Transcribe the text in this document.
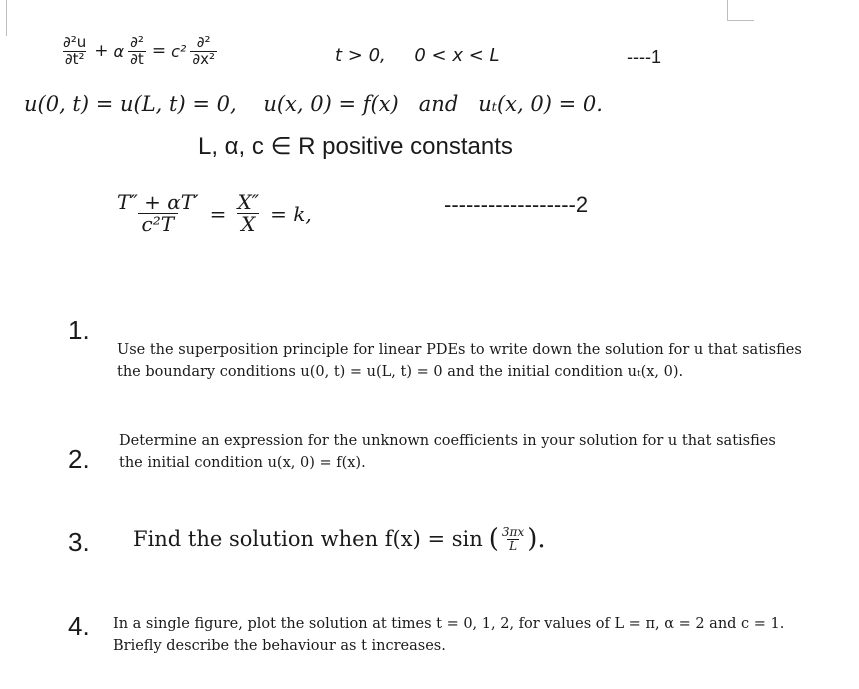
$\frac{\text{∂²u}}{\text{∂t²}} + \alpha \frac{\text{∂²}}{\partial t} = c^2 \frac{\text{∂²}}{\text{∂x²}}$	t > 0,     0 < x < L	----1
u(0, t) = u(L, t) = 0,    u(x, 0) = f(x)   and   uₜ(x, 0) = 0.
L, α, c ∈ R positive constants
$\frac{T'' + \alpha T'}{\text{c²T}} = \frac{X''}{X} = k$,	------------------2
1.
Use the superposition principle for linear PDEs to write down the solution for u that satisfies
the boundary conditions u(0, t) = u(L, t) = 0 and the initial condition uₜ(x, 0).
2.
Determine an expression for the unknown coefficients in your solution for u that satisfies
the initial condition u(x, 0) = f(x).
3. Find the solution when f(x) = sin ( $\frac{3\pi x}{L}$ ).
4. In a single figure, plot the solution at times t = 0, 1, 2, for values of L = π, α = 2 and c = 1.
Briefly describe the behaviour as t increases.
